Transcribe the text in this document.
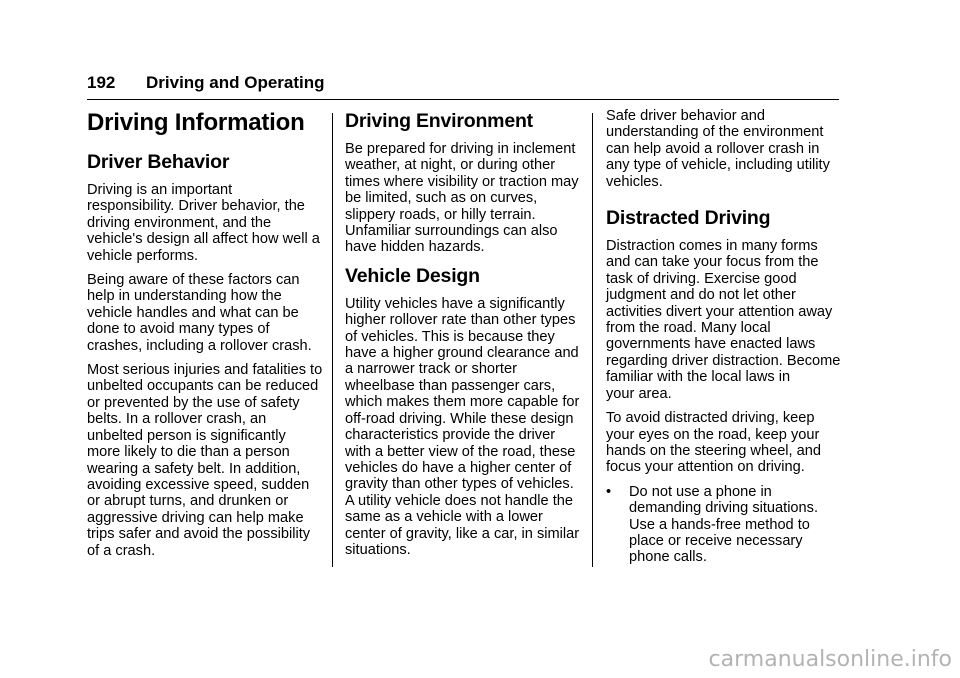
192 Driving and Operating
Driving Information
Driver Behavior

Driving is an important
responsibility. Driver behavior, the
driving environment, and the
vehicle's design all affect how well a
vehicle performs.

Being aware of these factors can
help in understanding how the
vehicle handles and what can be
done to avoid many types of
crashes, including a rollover crash.

Most serious injuries and fatalities to
unbelted occupants can be reduced
or prevented by the use of safety
belts. In a rollover crash, an
unbelted person is significantly
more likely to die than a person
wearing a safety belt. In addition,
avoiding excessive speed, sudden
or abrupt turns, and drunken or
aggressive driving can help make
trips safer and avoid the possibility
of a crash.

Driving Environment

Be prepared for driving in inclement
weather, at night, or during other
times where visibility or traction may
be limited, such as on curves,
slippery roads, or hilly terrain.
Unfamiliar surroundings can also
have hidden hazards.

Vehicle Design

Utility vehicles have a significantly
higher rollover rate than other types
of vehicles. This is because they
have a higher ground clearance and
a narrower track or shorter
wheelbase than passenger cars,
which makes them more capable for
off-road driving. While these design
characteristics provide the driver
with a better view of the road, these
vehicles do have a higher center of
gravity than other types of vehicles.
A utility vehicle does not handle the
same as a vehicle with a lower
center of gravity, like a car, in similar
situations.

Safe driver behavior and
understanding of the environment
can help avoid a rollover crash in
any type of vehicle, including utility
vehicles.

Distracted Driving

Distraction comes in many forms
and can take your focus from the
task of driving. Exercise good
judgment and do not let other
activities divert your attention away
from the road. Many local
governments have enacted laws
regarding driver distraction. Become
familiar with the local laws in
your area.

To avoid distracted driving, keep
your eyes on the road, keep your
hands on the steering wheel, and
focus your attention on driving.

•	Do not use a phone in
demanding driving situations.
Use a hands-free method to
place or receive necessary
phone calls.
carmanualsonline.info
